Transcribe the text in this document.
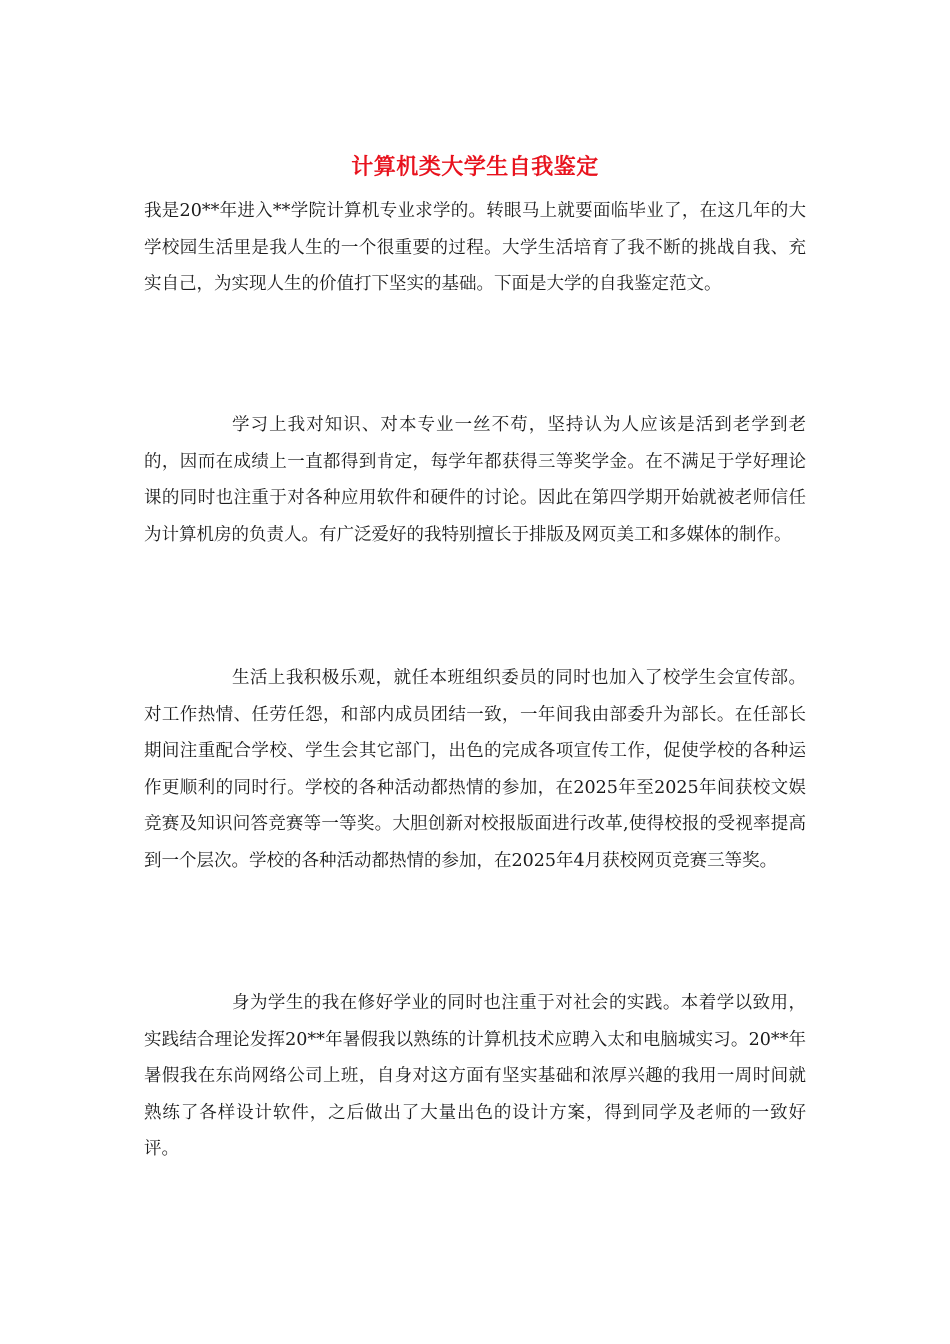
计算机类大学生自我鉴定

我是20**年进入**学院计算机专业求学的。转眼马上就要面临毕业了，在这几年的大学校园生活里是我人生的一个很重要的过程。大学生活培育了我不断的挑战自我、充实自己，为实现人生的价值打下坚实的基础。下面是大学的自我鉴定范文。

学习上我对知识、对本专业一丝不苟，坚持认为人应该是活到老学到老的，因而在成绩上一直都得到肯定，每学年都获得三等奖学金。在不满足于学好理论课的同时也注重于对各种应用软件和硬件的讨论。因此在第四学期开始就被老师信任为计算机房的负责人。有广泛爱好的我特别擅长于排版及网页美工和多媒体的制作。

生活上我积极乐观，就任本班组织委员的同时也加入了校学生会宣传部。对工作热情、任劳任怨，和部内成员团结一致，一年间我由部委升为部长。在任部长期间注重配合学校、学生会其它部门，出色的完成各项宣传工作，促使学校的各种运作更顺利的同时行。学校的各种活动都热情的参加，在2025年至2025年间获校文娱竞赛及知识问答竞赛等一等奖。大胆创新对校报版面进行改革,使得校报的受视率提高到一个层次。学校的各种活动都热情的参加，在2025年4月获校网页竞赛三等奖。

身为学生的我在修好学业的同时也注重于对社会的实践。本着学以致用，实践结合理论发挥20**年暑假我以熟练的计算机技术应聘入太和电脑城实习。20**年暑假我在东尚网络公司上班，自身对这方面有坚实基础和浓厚兴趣的我用一周时间就熟练了各样设计软件，之后做出了大量出色的设计方案，得到同学及老师的一致好评。
